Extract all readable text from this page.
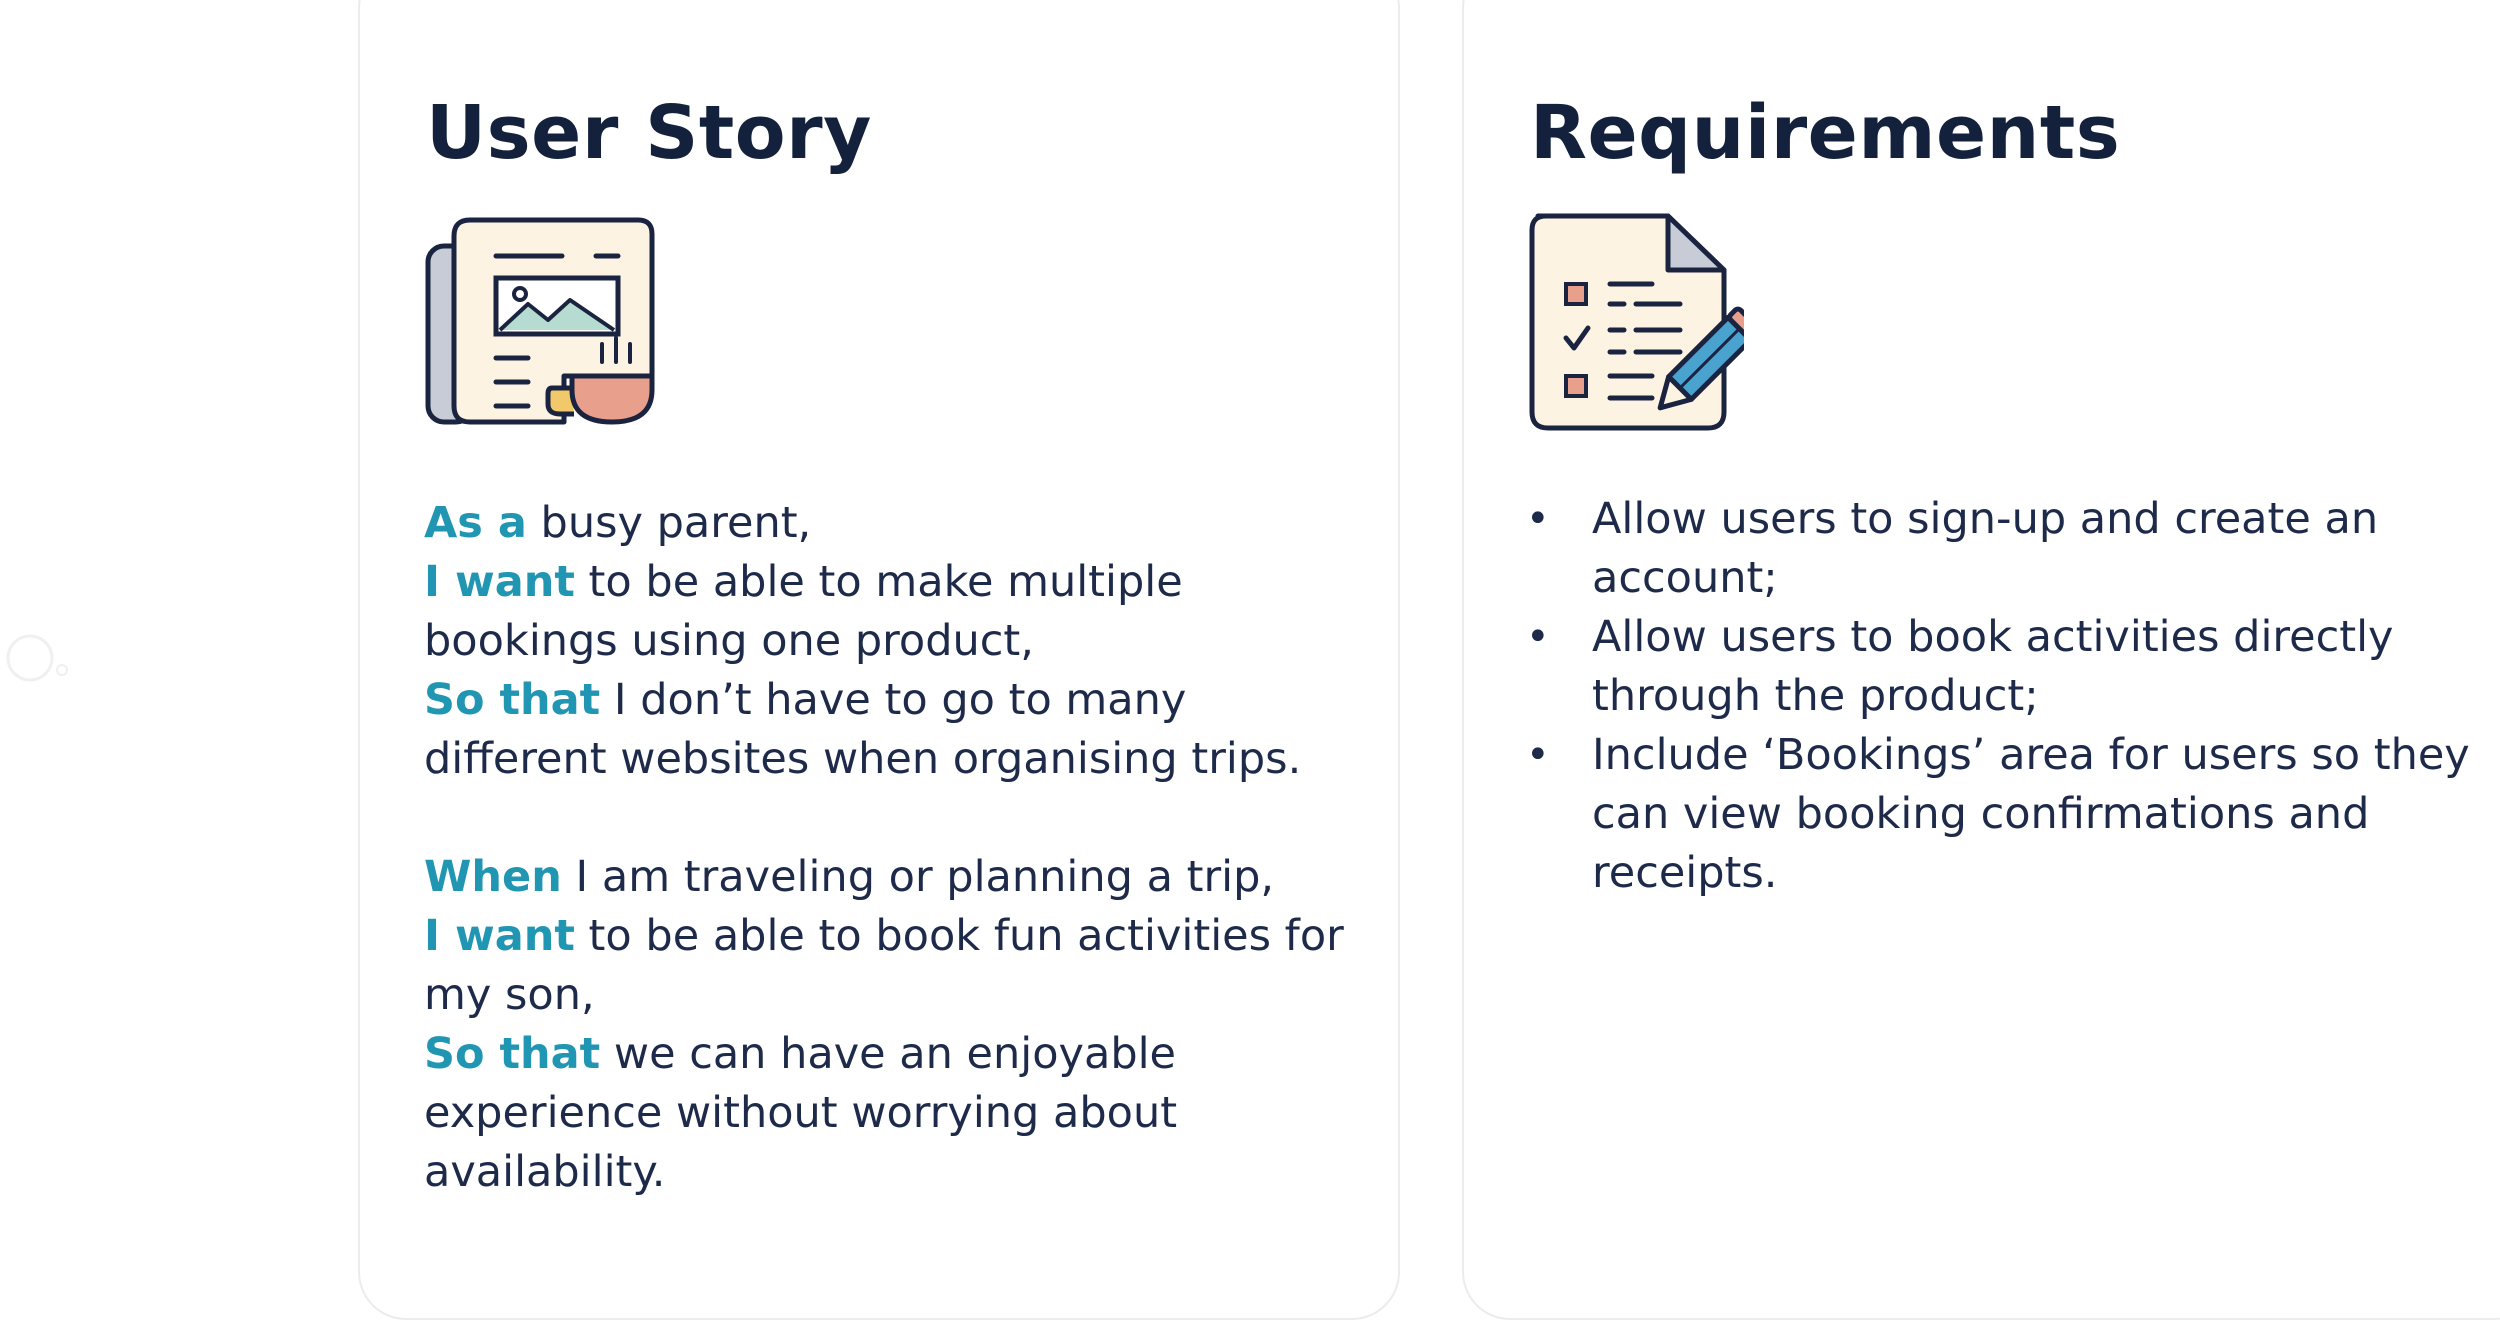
User Story

As a busy parent,
I want to be able to make multiple bookings using one product,
So that I don’t have to go to many different websites when organising trips.

When I am traveling or planning a trip,
I want to be able to book fun activities for my son,
So that we can have an enjoyable experience without worrying about availability.

Requirements
• Allow users to sign-up and create an account;
• Allow users to book activities directly through the product;
• Include ‘Bookings’ area for users so they can view booking confirmations and receipts.
